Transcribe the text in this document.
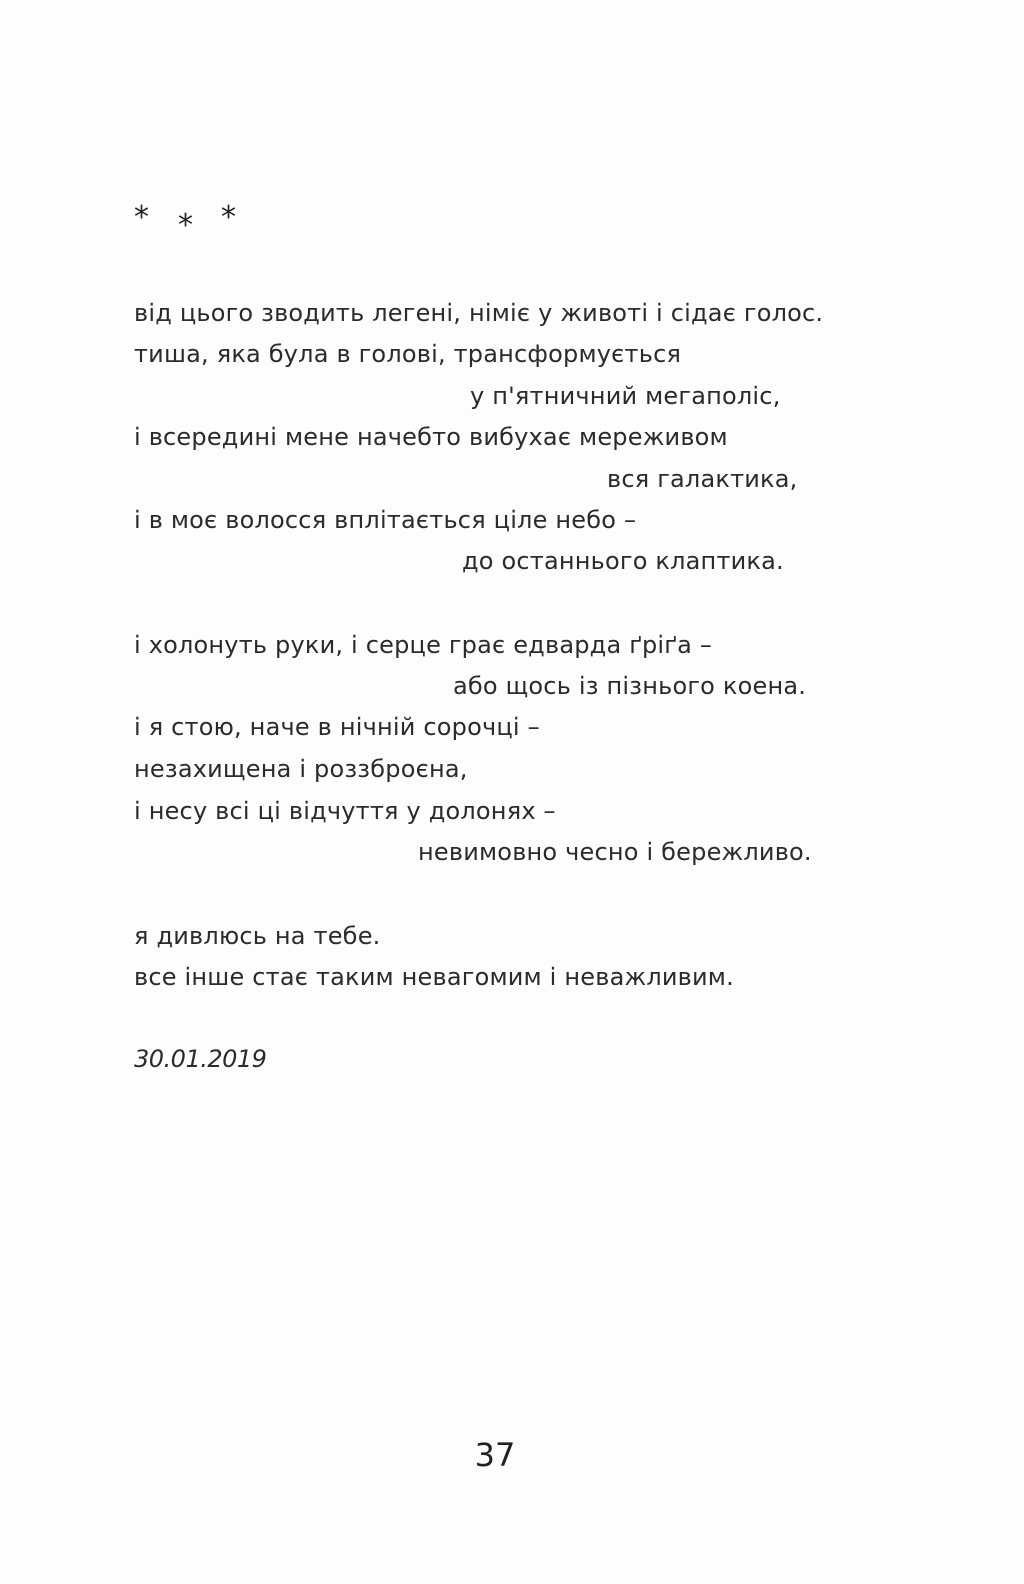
* * *
від цього зводить легені, німіє у животі і сідає голос.
тиша, яка була в голові, трансформується
у п'ятничний мегаполіс,
і всередині мене начебто вибухає мереживом
вся галактика,
і в моє волосся вплітається ціле небо –
до останнього клаптика.
і холонуть руки, і серце грає едварда ґріґа –
або щось із пізнього коена.
і я стою, наче в нічній сорочці –
незахищена і роззброєна,
і несу всі ці відчуття у долонях –
невимовно чесно і бережливо.
я дивлюсь на тебе.
все інше стає таким невагомим і неважливим.
30.01.2019
37
